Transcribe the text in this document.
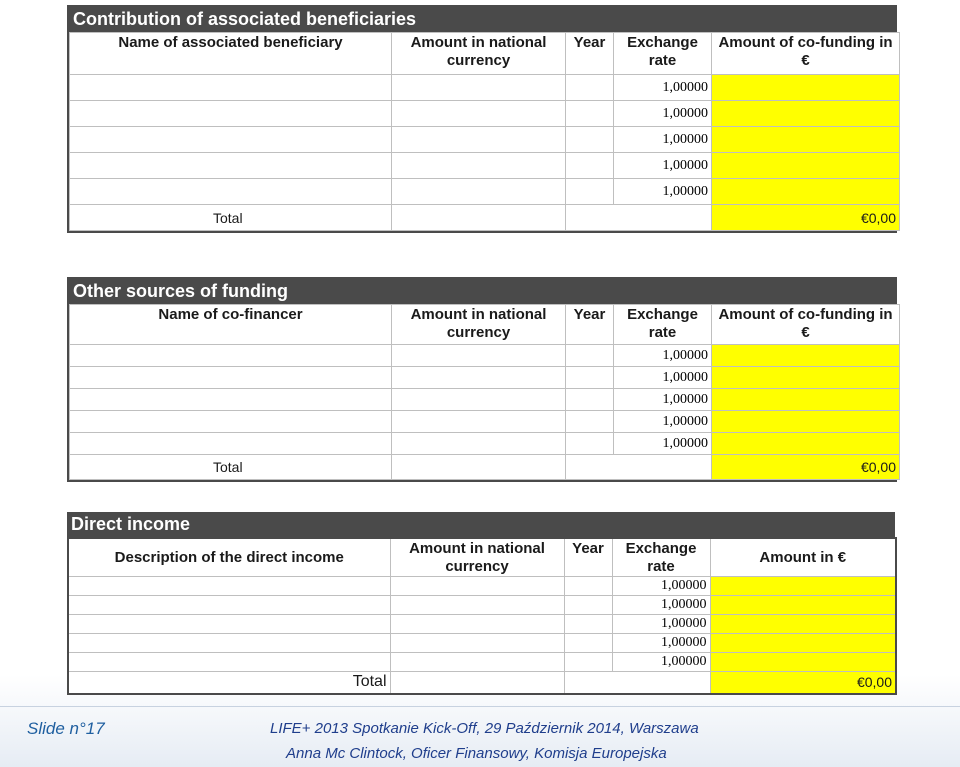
Contribution of associated beneficiaries
Name of associated beneficiary	Amount in national currency	Year	Exchange rate	Amount of co-funding in €
			1,00000	
			1,00000	
			1,00000	
			1,00000	
			1,00000	
Total				€0,00
Other sources of funding
Name of co-financer	Amount in national currency	Year	Exchange rate	Amount of co-funding in €
			1,00000	
			1,00000	
			1,00000	
			1,00000	
			1,00000	
Total				€0,00
Direct income
Description of the direct income	Amount in national currency	Year	Exchange rate	Amount in €
			1,00000	
			1,00000	
			1,00000	
			1,00000	
			1,00000	
Total				€0,00
Slide n°17	LIFE+ 2013 Spotkanie Kick-Off, 29 Październik 2014, Warszawa
Anna Mc Clintock, Oficer Finansowy, Komisja Europejska
